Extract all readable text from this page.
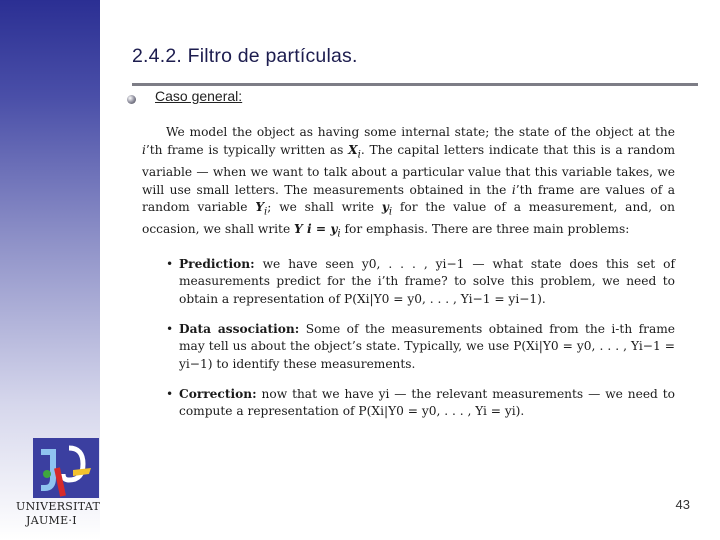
2.4.2. Filtro de partículas.
Caso general:

We model the object as having some internal state; the state of the object at the i’th frame is typically written as $X_i$. The capital letters indicate that this is a random variable — when we want to talk about a particular value that this variable takes, we will use small letters. The measurements obtained in the i’th frame are values of a random variable $Y_i$; we shall write $y_i$ for the value of a measurement, and, on occasion, we shall write Y $i = y_i$ for emphasis. There are three main problems:

• Prediction: we have seen y0, . . . , yi−1 — what state does this set of measurements predict for the i’th frame? to solve this problem, we need to obtain a representation of P(Xi|Y0 = y0, . . . , Yi−1 = yi−1).
• Data association: Some of the measurements obtained from the i-th frame may tell us about the object’s state. Typically, we use P(Xi|Y0 = y0, . . . , Yi−1 = yi−1) to identify these measurements.
• Correction: now that we have yi — the relevant measurements — we need to compute a representation of P(Xi|Y0 = y0, . . . , Yi = yi).
UNIVERSITAT
JAUME·I
43
